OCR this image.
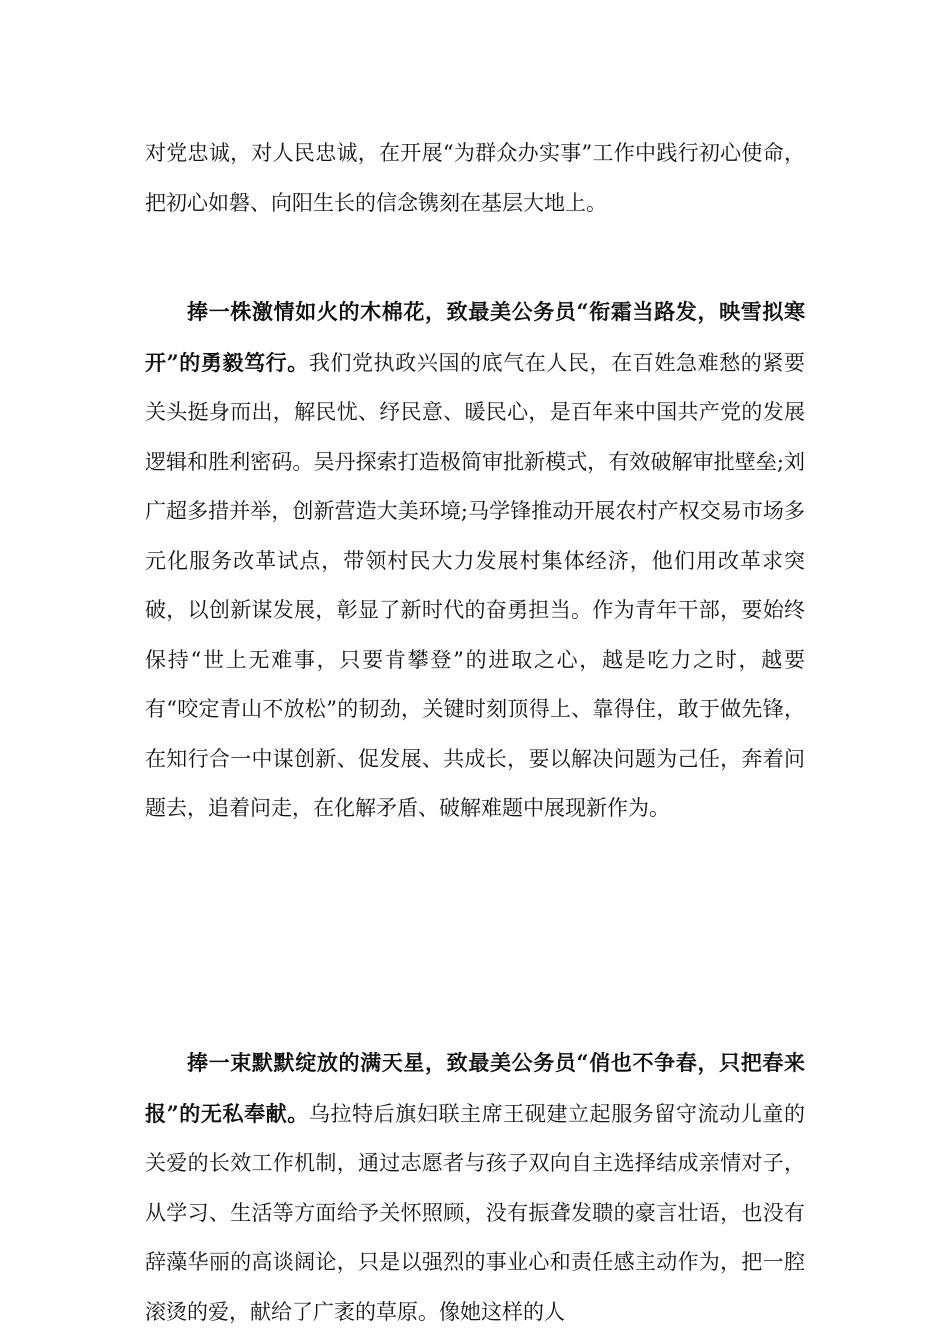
对党忠诚，对人民忠诚，在开展“为群众办实事”工作中践行初心使命，把初心如磐、向阳生长的信念镌刻在基层大地上。

捧一株激情如火的木棉花，致最美公务员“衔霜当路发，映雪拟寒开”的勇毅笃行。我们党执政兴国的底气在人民，在百姓急难愁的紧要关头挺身而出，解民忧、纾民意、暖民心，是百年来中国共产党的发展逻辑和胜利密码。吴丹探索打造极简审批新模式，有效破解审批壁垒;刘广超多措并举，创新营造大美环境;马学锋推动开展农村产权交易市场多元化服务改革试点，带领村民大力发展村集体经济，他们用改革求突破，以创新谋发展，彰显了新时代的奋勇担当。作为青年干部，要始终保持“世上无难事，只要肯攀登”的进取之心，越是吃力之时，越要有“咬定青山不放松”的韧劲，关键时刻顶得上、靠得住，敢于做先锋，在知行合一中谋创新、促发展、共成长，要以解决问题为己任，奔着问题去，追着问走，在化解矛盾、破解难题中展现新作为。

捧一束默默绽放的满天星，致最美公务员“俏也不争春，只把春来报”的无私奉献。乌拉特后旗妇联主席王砚建立起服务留守流动儿童的关爱的长效工作机制，通过志愿者与孩子双向自主选择结成亲情对子，从学习、生活等方面给予关怀照顾，没有振聋发聩的豪言壮语，也没有辞藻华丽的高谈阔论，只是以强烈的事业心和责任感主动作为，把一腔滚烫的爱，献给了广袤的草原。像她这样的人
